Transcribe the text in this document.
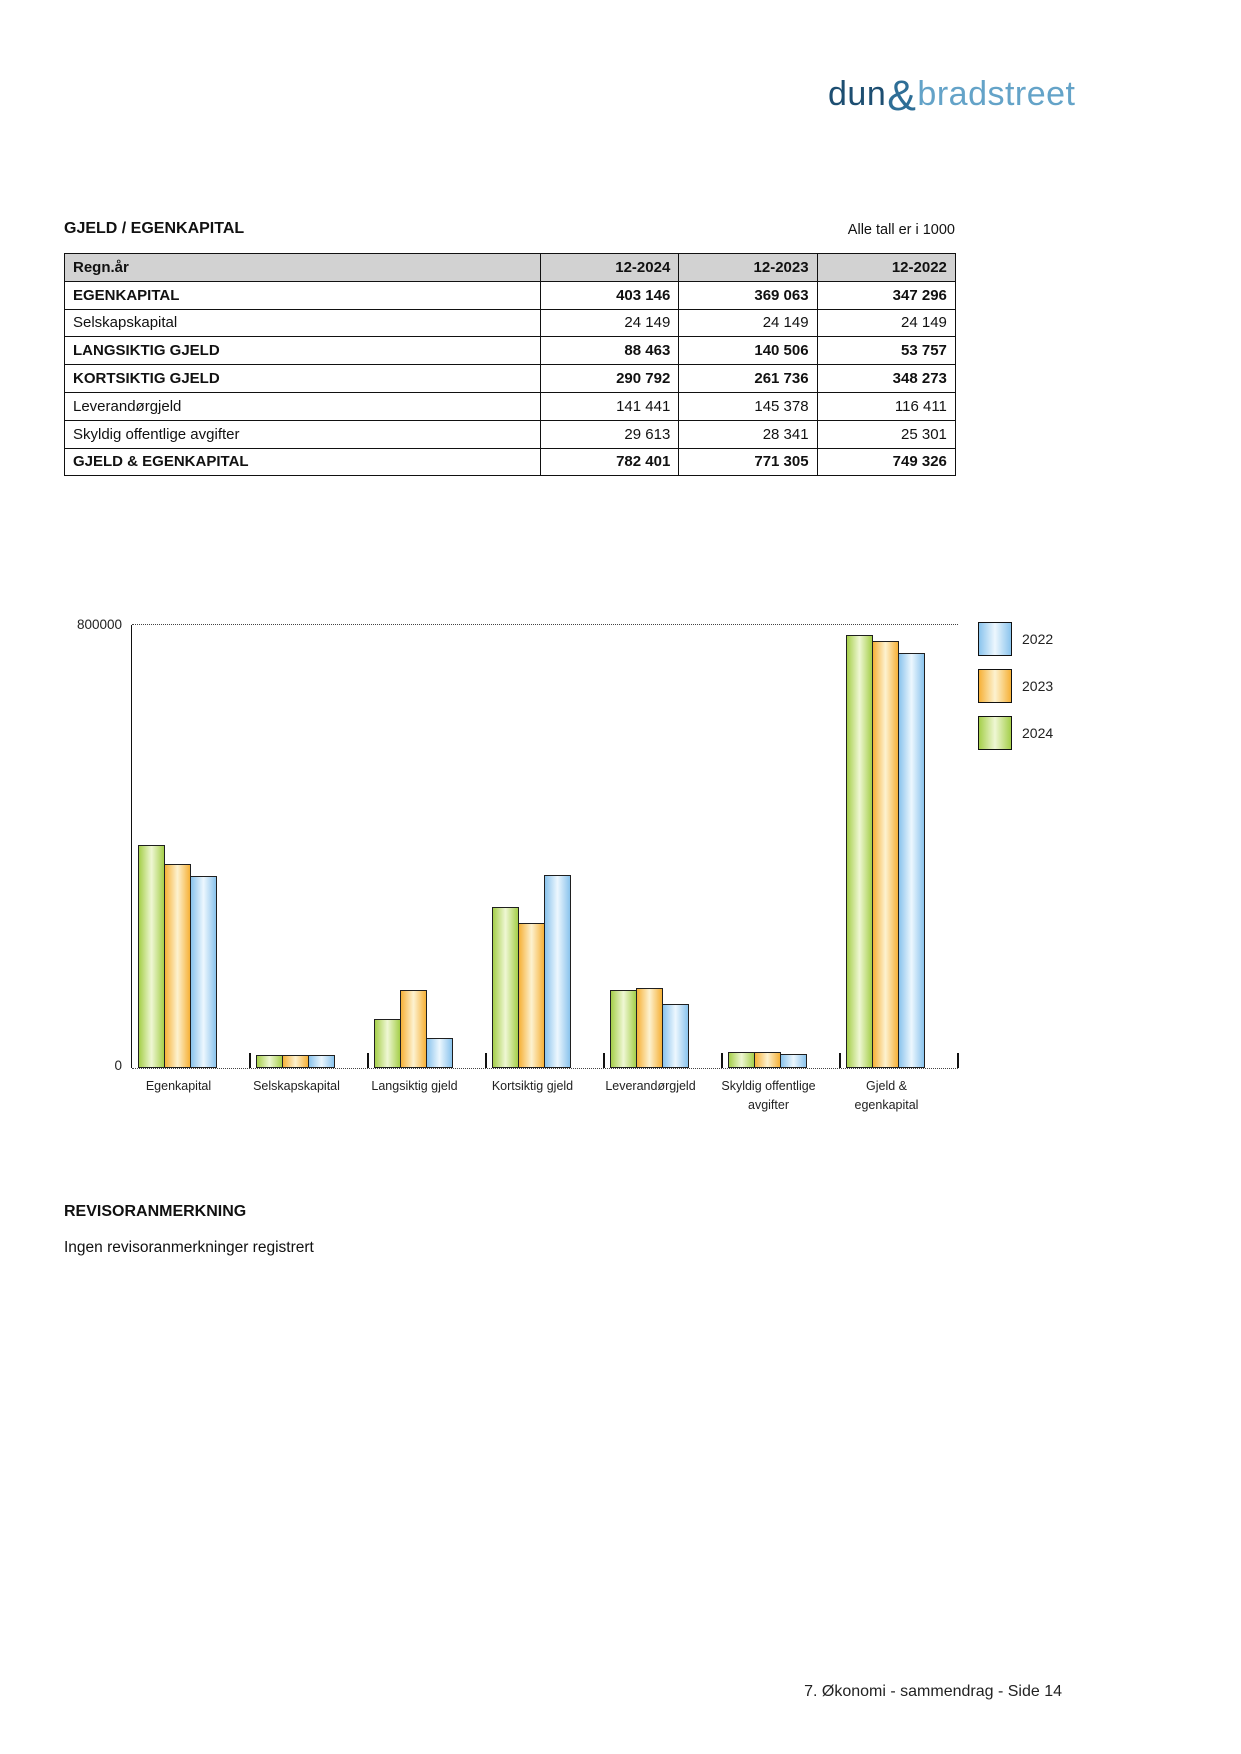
dun&bradstreet
GJELD / EGENKAPITAL	Alle tall er i 1000
Regn.år	12-2024	12-2023	12-2022
EGENKAPITAL	403 146	369 063	347 296
Selskapskapital	24 149	24 149	24 149
LANGSIKTIG GJELD	88 463	140 506	53 757
KORTSIKTIG GJELD	290 792	261 736	348 273
Leverandørgjeld	141 441	145 378	116 411
Skyldig offentlige avgifter	29 613	28 341	25 301
GJELD & EGENKAPITAL	782 401	771 305	749 326
800000
0
Egenkapital	Selskapskapital	Langsiktig gjeld	Kortsiktig gjeld	Leverandørgjeld	Skyldig offentlige
avgifter
Gjeld &
egenkapital
2022
2023
2024
REVISORANMERKNING
Ingen revisoranmerkninger registrert
7. Økonomi - sammendrag - Side 14
